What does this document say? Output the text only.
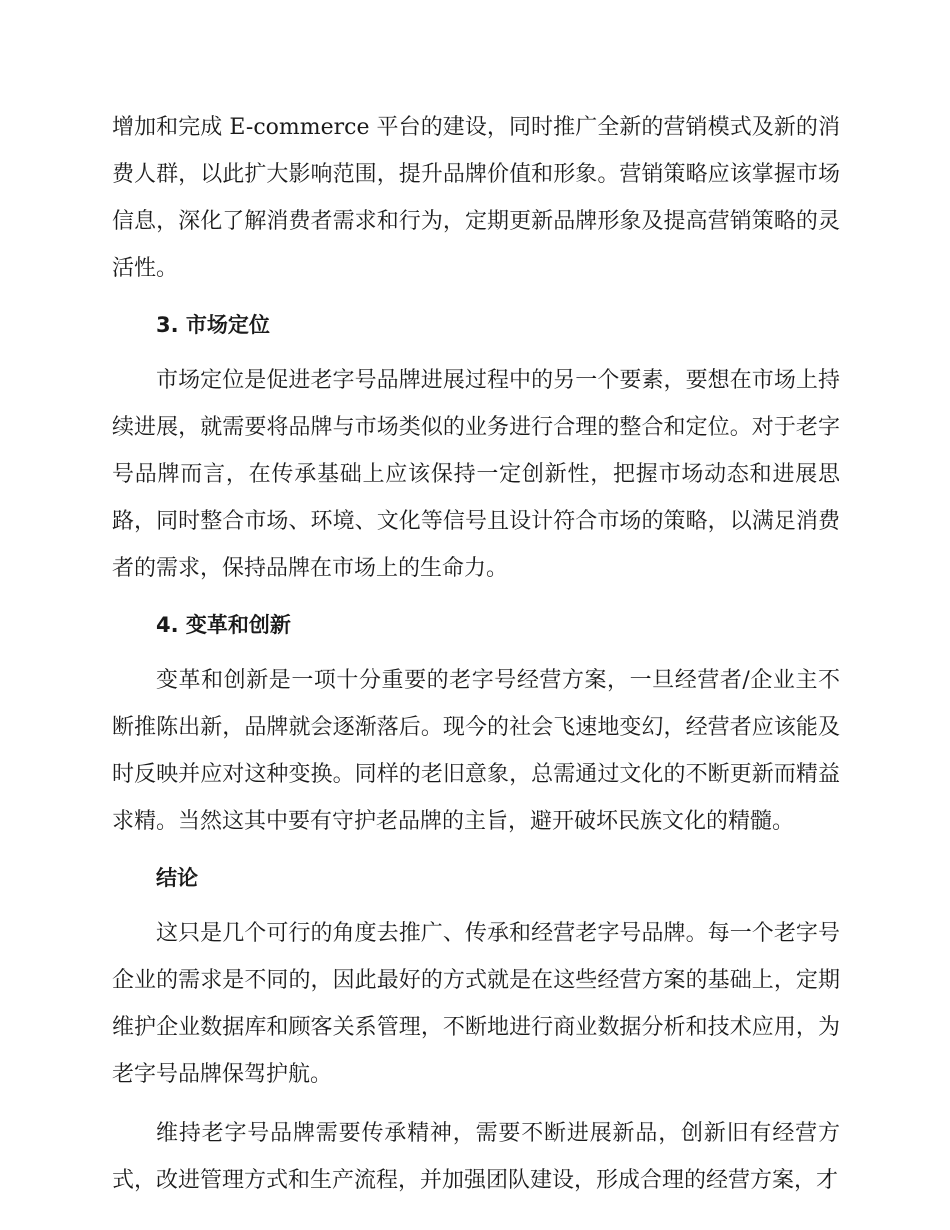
增加和完成 E-commerce 平台的建设，同时推广全新的营销模式及新的消费人群，以此扩大影响范围，提升品牌价值和形象。营销策略应该掌握市场信息，深化了解消费者需求和行为，定期更新品牌形象及提高营销策略的灵活性。

3. 市场定位

市场定位是促进老字号品牌进展过程中的另一个要素，要想在市场上持续进展，就需要将品牌与市场类似的业务进行合理的整合和定位。对于老字号品牌而言，在传承基础上应该保持一定创新性，把握市场动态和进展思路，同时整合市场、环境、文化等信号且设计符合市场的策略，以满足消费者的需求，保持品牌在市场上的生命力。

4. 变革和创新

变革和创新是一项十分重要的老字号经营方案，一旦经营者/企业主不断推陈出新，品牌就会逐渐落后。现今的社会飞速地变幻，经营者应该能及时反映并应对这种变换。同样的老旧意象，总需通过文化的不断更新而精益求精。当然这其中要有守护老品牌的主旨，避开破坏民族文化的精髓。

结论

这只是几个可行的角度去推广、传承和经营老字号品牌。每一个老字号企业的需求是不同的，因此最好的方式就是在这些经营方案的基础上，定期维护企业数据库和顾客关系管理，不断地进行商业数据分析和技术应用，为老字号品牌保驾护航。

维持老字号品牌需要传承精神，需要不断进展新品，创新旧有经营方式，改进管理方式和生产流程，并加强团队建设，形成合理的经营方案，才
